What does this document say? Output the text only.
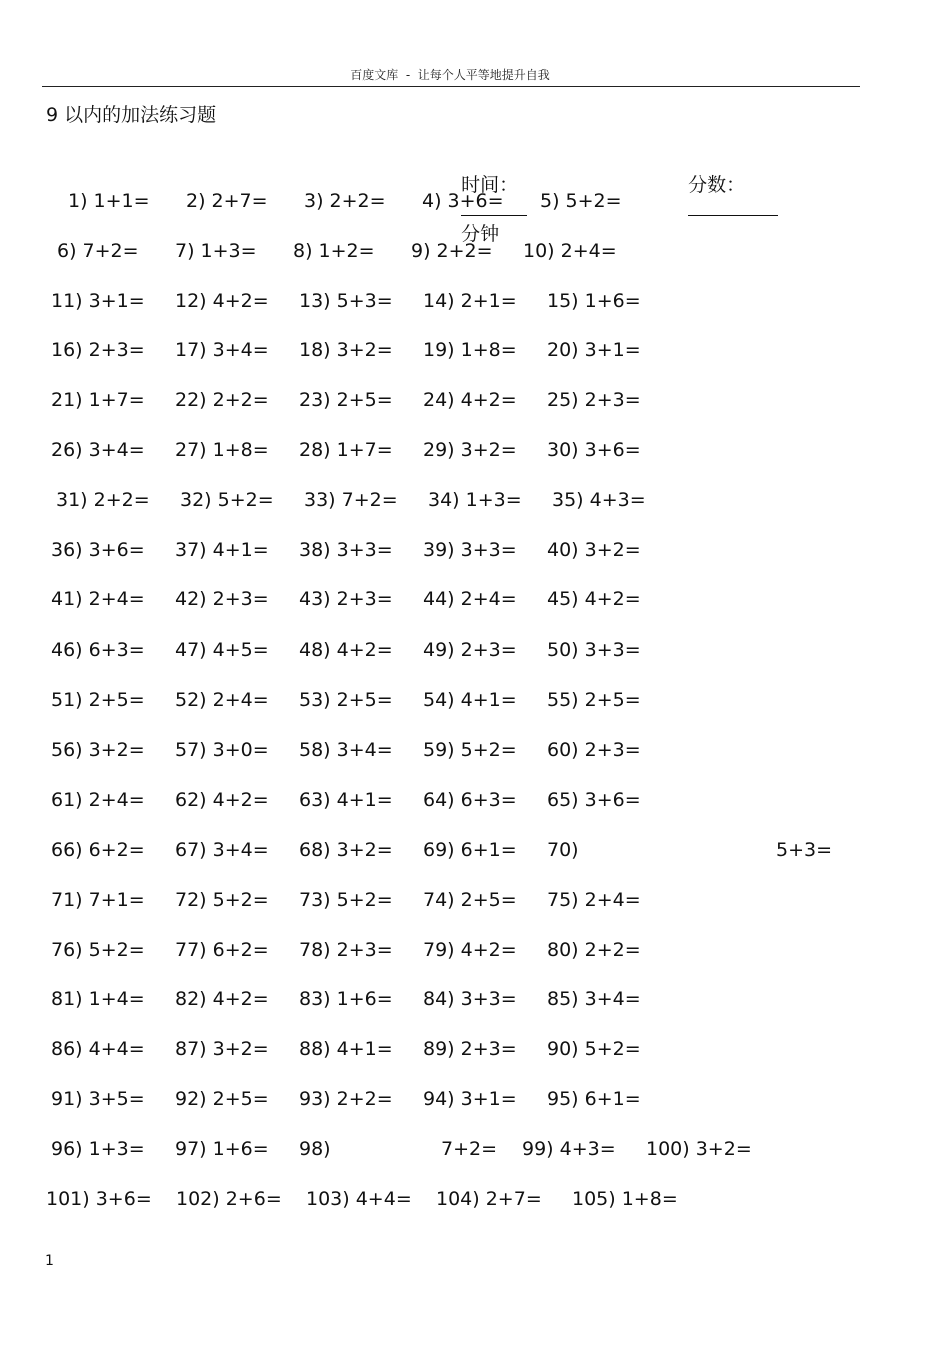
百度文库  -  让每个人平等地提升自我
9 以内的加法练习题

时间：

分钟

分数：

1) 1+1= 2) 2+7= 3) 2+2= 4) 3+6= 5) 5+2=
6) 7+2= 7) 1+3= 8) 1+2= 9) 2+2= 10) 2+4=
11) 3+1= 12) 4+2= 13) 5+3= 14) 2+1= 15) 1+6=
16) 2+3= 17) 3+4= 18) 3+2= 19) 1+8= 20) 3+1=
21) 1+7= 22) 2+2= 23) 2+5= 24) 4+2= 25) 2+3=
26) 3+4= 27) 1+8= 28) 1+7= 29) 3+2= 30) 3+6=
31) 2+2= 32) 5+2= 33) 7+2= 34) 1+3= 35) 4+3=
36) 3+6= 37) 4+1= 38) 3+3= 39) 3+3= 40) 3+2=
41) 2+4= 42) 2+3= 43) 2+3= 44) 2+4= 45) 4+2=
46) 6+3= 47) 4+5= 48) 4+2= 49) 2+3= 50) 3+3=
51) 2+5= 52) 2+4= 53) 2+5= 54) 4+1= 55) 2+5=
56) 3+2= 57) 3+0= 58) 3+4= 59) 5+2= 60) 2+3=
61) 2+4= 62) 4+2= 63) 4+1= 64) 6+3= 65) 3+6=
66) 6+2= 67) 3+4= 68) 3+2= 69) 6+1= 70)	5+3=
71) 7+1= 72) 5+2= 73) 5+2= 74) 2+5= 75) 2+4=
76) 5+2= 77) 6+2= 78) 2+3= 79) 4+2= 80) 2+2=
81) 1+4= 82) 4+2= 83) 1+6= 84) 3+3= 85) 3+4=
86) 4+4= 87) 3+2= 88) 4+1= 89) 2+3= 90) 5+2=
91) 3+5= 92) 2+5= 93) 2+2= 94) 3+1= 95) 6+1=
96) 1+3= 97) 1+6= 98)	7+2= 99) 4+3= 100) 3+2=
101) 3+6= 102) 2+6= 103) 4+4= 104) 2+7= 105) 1+8=
1
